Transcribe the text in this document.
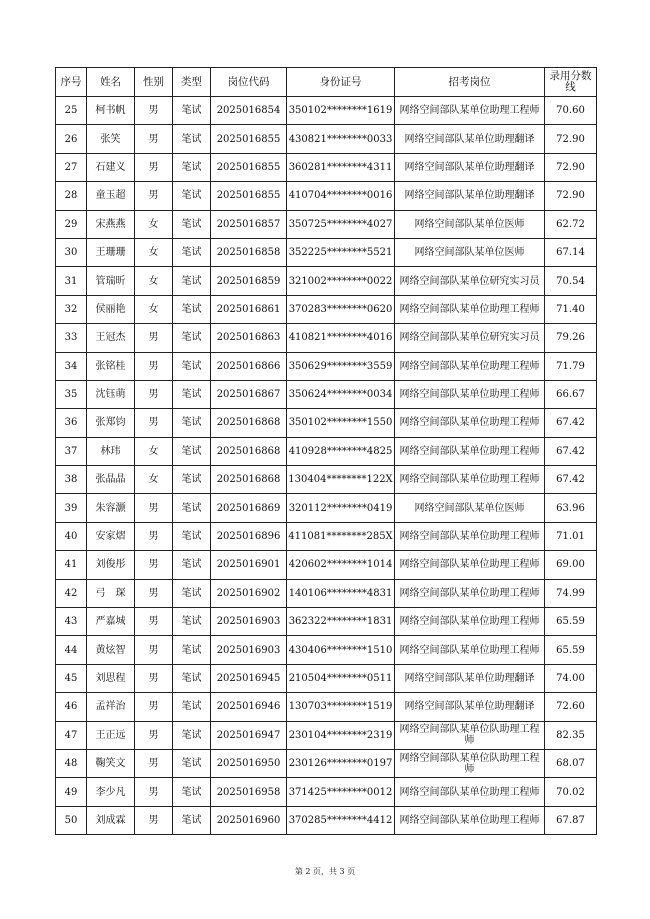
序号	姓名	性别	类型	岗位代码	身份证号	招考岗位	录用分数线
25	柯书帆	男	笔试	2025016854	350102********1619	网络空间部队某单位助理工程师	70.60
26	张笑	男	笔试	2025016855	430821********0033	网络空间部队某单位助理翻译	72.90
27	石建义	男	笔试	2025016855	360281********4311	网络空间部队某单位助理翻译	72.90
28	童玉超	男	笔试	2025016855	410704********0016	网络空间部队某单位助理翻译	72.90
29	宋燕燕	女	笔试	2025016857	350725********4027	网络空间部队某单位医师	62.72
30	王珊珊	女	笔试	2025016858	352225********5521	网络空间部队某单位医师	67.14
31	管瑞昕	女	笔试	2025016859	321002********0022	网络空间部队某单位研究实习员	70.54
32	侯丽艳	女	笔试	2025016861	370283********0620	网络空间部队某单位助理工程师	71.40
33	王冠杰	男	笔试	2025016863	410821********4016	网络空间部队某单位研究实习员	79.26
34	张铭桂	男	笔试	2025016866	350629********3559	网络空间部队某单位助理工程师	71.79
35	沈钰萌	男	笔试	2025016867	350624********0034	网络空间部队某单位助理工程师	66.67
36	张郑钧	男	笔试	2025016868	350102********1550	网络空间部队某单位助理工程师	67.42
37	林玮	女	笔试	2025016868	410928********4825	网络空间部队某单位助理工程师	67.42
38	张晶晶	女	笔试	2025016868	130404********122X	网络空间部队某单位助理工程师	67.42
39	朱容灏	男	笔试	2025016869	320112********0419	网络空间部队某单位医师	63.96
40	安家熠	男	笔试	2025016896	411081********285X	网络空间部队某单位助理工程师	71.01
41	刘俊彤	男	笔试	2025016901	420602********1014	网络空间部队某单位助理工程师	69.00
42	弓　琛	男	笔试	2025016902	140106********4831	网络空间部队某单位助理工程师	74.99
43	严嘉城	男	笔试	2025016903	362322********1831	网络空间部队某单位助理工程师	65.59
44	黄炫智	男	笔试	2025016903	430406********1510	网络空间部队某单位助理工程师	65.59
45	刘思程	男	笔试	2025016945	210504********0511	网络空间部队某单位助理翻译	74.00
46	孟祥治	男	笔试	2025016946	130703********1519	网络空间部队某单位助理翻译	72.60
47	王正远	男	笔试	2025016947	230104********2319	网络空间部队某单位队助理工程师	82.35
48	鞠笑文	男	笔试	2025016950	230126********0197	网络空间部队某单位队助理工程师	68.07
49	李少凡	男	笔试	2025016958	371425********0012	网络空间部队某单位助理工程师	70.02
50	刘成霖	男	笔试	2025016960	370285********4412	网络空间部队某单位助理工程师	67.87
第 2 页，共 3 页
